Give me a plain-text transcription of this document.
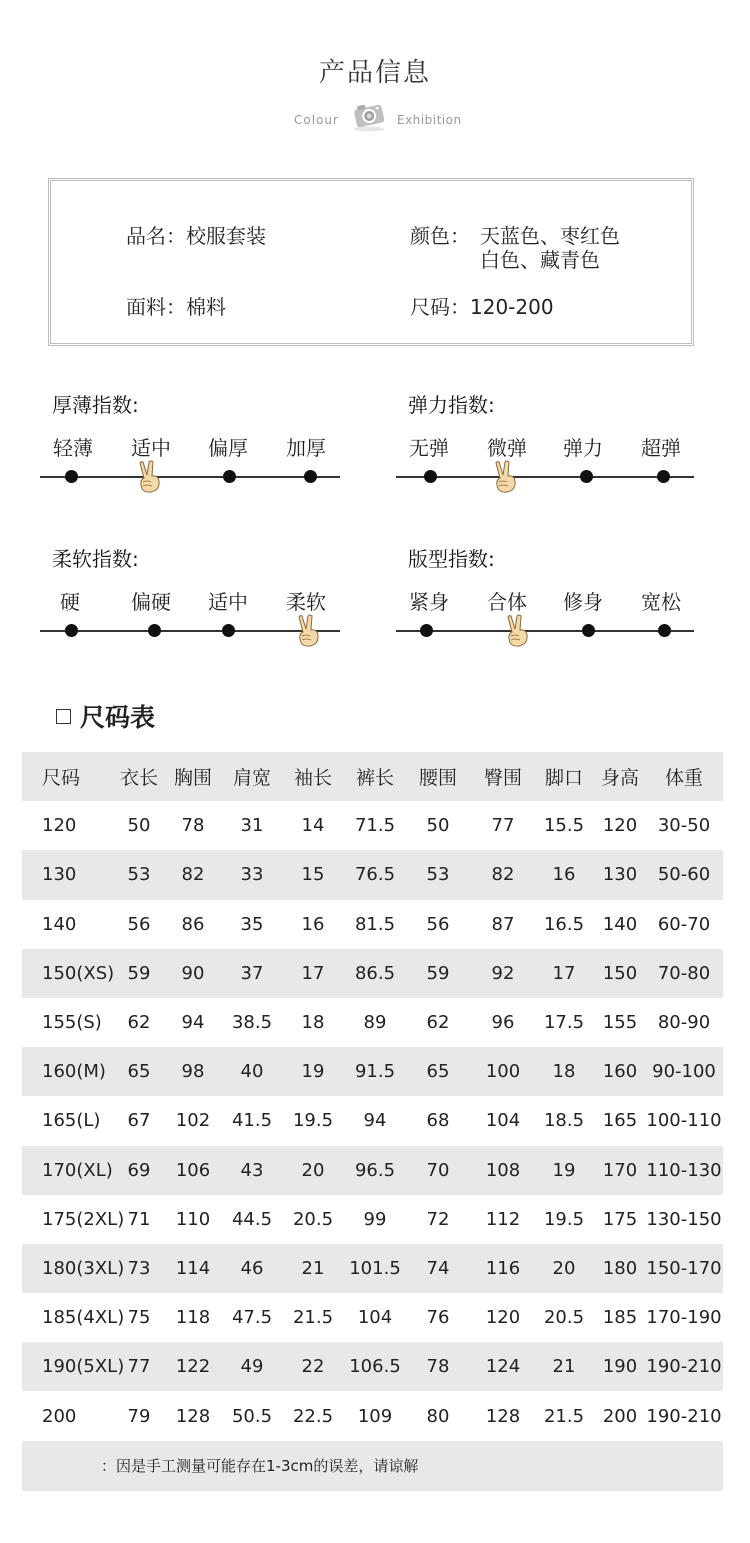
产品信息
Colour	Exhibition
品名：校服套装	颜色： 天蓝色、枣红色
白色、藏青色
面料：棉料	尺码：120-200
厚薄指数:
轻薄 适中 偏厚 加厚
弹力指数:
无弹 微弹 弹力 超弹
柔软指数:
硬	偏硬 适中 柔软
版型指数:
紧身 合体 修身 宽松
尺码表
尺码 衣长 胸围 肩宽 袖长 裤长 腰围 臀围 脚口 身高 体重
120	50 78 31 14 71.5 50 77 15.5 120 30-50
130	53 82 33 15 76.5 53 82 16 130 50-60
140	56 86 35 16 81.5 56 87 16.5 140 60-70
150(XS) 59 90 37 17 86.5 59 92 17 150 70-80
155(S) 62 94 38.5 18 89 62 96 17.5 155 80-90
160(M) 65 98 40 19 91.5 65 100 18 160 90-100
165(L) 67 102 41.5 19.5 94 68 104 18.5 165 100-110
170(XL) 69 106 43 20 96.5 70 108 19 170 110-130
175(2XL) 71 110 44.5 20.5 99 72 112 19.5 175 130-150
180(3XL) 73 114 46 21 101.5 74 116 20 180 150-170
185(4XL) 75 118 47.5 21.5 104 76 120 20.5 185 170-190
190(5XL) 77 122 49 22 106.5 78 124 21 190 190-210
200	79 128 50.5 22.5 109 80 128 21.5 200 190-210
：因是手工测量可能存在1-3cm的误差，请谅解
